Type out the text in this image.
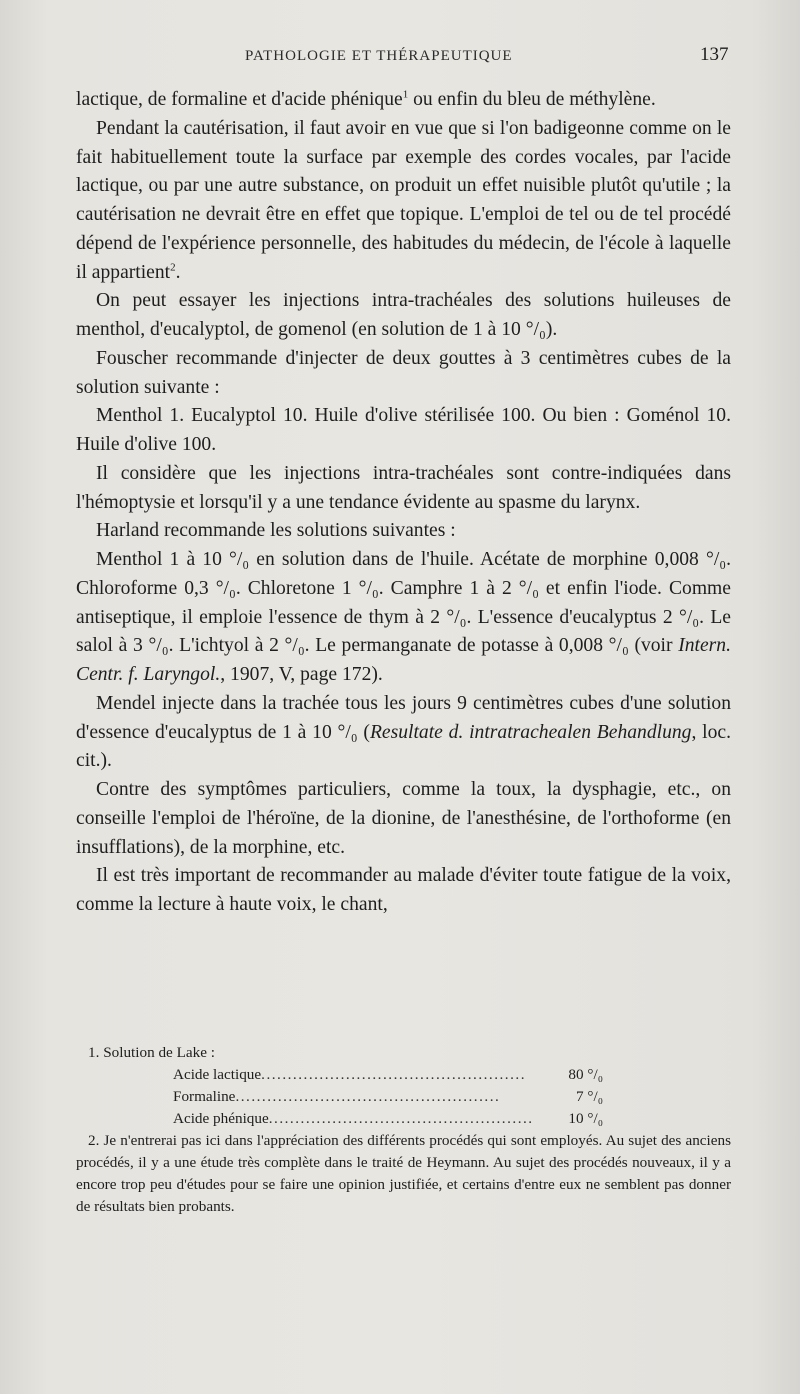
PATHOLOGIE ET THÉRAPEUTIQUE	137

lactique, de formaline et d'acide phénique$^1$ ou enfin du bleu de méthylène.

Pendant la cautérisation, il faut avoir en vue que si l'on badigeonne comme on le fait habituellement toute la surface par exemple des cordes vocales, par l'acide lactique, ou par une autre substance, on produit un effet nuisible plutôt qu'utile ; la cautérisation ne devrait être en effet que topique. L'emploi de tel ou de tel procédé dépend de l'expérience personnelle, des habitudes du médecin, de l'école à laquelle il appartient$^2$.

On peut essayer les injections intra-trachéales des solutions huileuses de menthol, d'eucalyptol, de gomenol (en solution de 1 à 10 °/₀).

Fouscher recommande d'injecter de deux gouttes à 3 centimètres cubes de la solution suivante :

Menthol 1. Eucalyptol 10. Huile d'olive stérilisée 100. Ou bien : Goménol 10. Huile d'olive 100.

Il considère que les injections intra-trachéales sont contre-indiquées dans l'hémoptysie et lorsqu'il y a une tendance évidente au spasme du larynx.

Harland recommande les solutions suivantes :

Menthol 1 à 10 °/₀ en solution dans de l'huile. Acétate de morphine 0,008 °/₀. Chloroforme 0,3 °/₀. Chloretone 1 °/₀. Camphre 1 à 2 °/₀ et enfin l'iode. Comme antiseptique, il emploie l'essence de thym à 2 °/₀. L'essence d'eucalyptus 2 °/₀. Le salol à 3 °/₀. L'ichtyol à 2 °/₀. Le permanganate de potasse à 0,008 °/₀ (voir Intern. Centr. f. Laryngol., 1907, V, page 172).

Mendel injecte dans la trachée tous les jours 9 centimètres cubes d'une solution d'essence d'eucalyptus de 1 à 10 °/₀ (Resultate d. intratrachealen Behandlung, loc. cit.).

Contre des symptômes particuliers, comme la toux, la dysphagie, etc., on conseille l'emploi de l'héroïne, de la dionine, de l'anesthésine, de l'orthoforme (en insufflations), de la morphine, etc.

Il est très important de recommander au malade d'éviter toute fatigue de la voix, comme la lecture à haute voix, le chant,

1. Solution de Lake :
Acide lactique ..................................................	80 °/₀
Formaline ..................................................	7 °/₀
Acide phénique ..................................................	10 °/₀
2. Je n'entrerai pas ici dans l'appréciation des différents procédés qui sont employés. Au sujet des anciens procédés, il y a une étude très complète dans le traité de Heymann. Au sujet des procédés nouveaux, il y a encore trop peu d'études pour se faire une opinion justifiée, et certains d'entre eux ne semblent pas donner de résultats bien probants.
